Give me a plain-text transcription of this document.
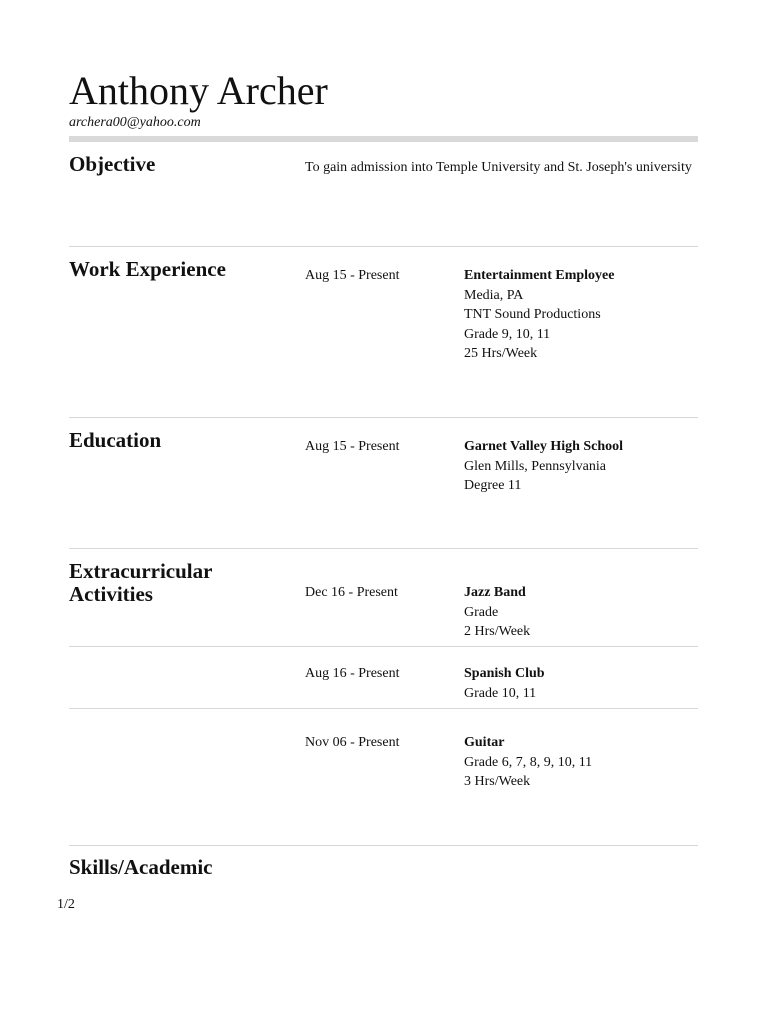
Anthony Archer
archera00@yahoo.com
Objective	To gain admission into Temple University and St. Joseph's university
Work Experience	Aug 15 - Present	Entertainment Employee
Media, PA
TNT Sound Productions
Grade 9, 10, 11
25 Hrs/Week
Education	Aug 15 - Present	Garnet Valley High School
Glen Mills, Pennsylvania
Degree 11
Extracurricular
Activities	Dec 16 - Present	Jazz Band
Grade
2 Hrs/Week
Aug 16 - Present	Spanish Club
Grade 10, 11
Nov 06 - Present	Guitar
Grade 6, 7, 8, 9, 10, 11
3 Hrs/Week
Skills/Academic
1/2
